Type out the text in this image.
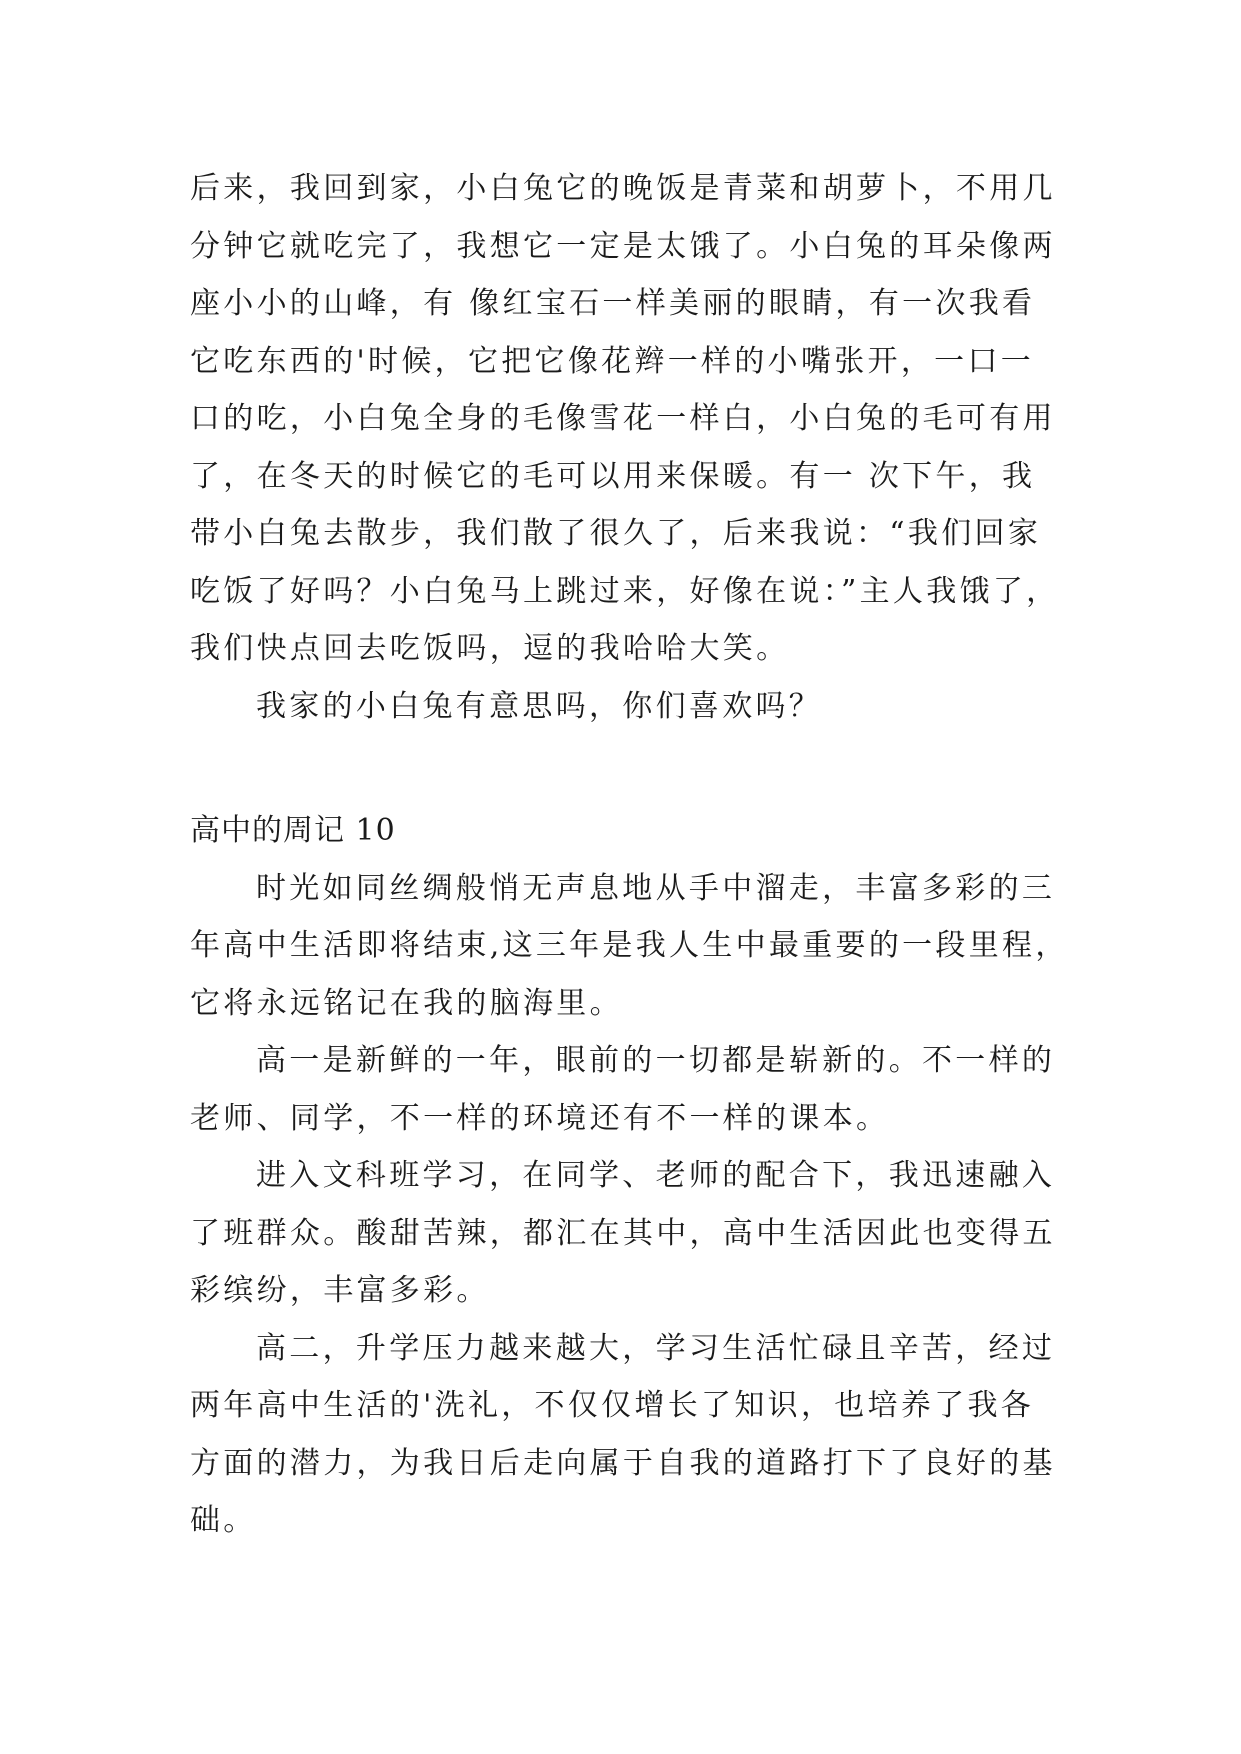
后来，我回到家，小白兔它的晚饭是青菜和胡萝卜，不用几
分钟它就吃完了，我想它一定是太饿了。小白兔的耳朵像两
座小小的山峰，有 像红宝石一样美丽的眼睛，有一次我看
它吃东西的'时候，它把它像花辫一样的小嘴张开，一口一
口的吃，小白兔全身的毛像雪花一样白，小白兔的毛可有用
了，在冬天的时候它的毛可以用来保暖。有一 次下午，我
带小白兔去散步，我们散了很久了，后来我说：“我们回家
吃饭了好吗？小白兔马上跳过来，好像在说：”主人我饿了，
我们快点回去吃饭吗，逗的我哈哈大笑。
我家的小白兔有意思吗，你们喜欢吗？
高中的周记 10
时光如同丝绸般悄无声息地从手中溜走，丰富多彩的三
年高中生活即将结束,这三年是我人生中最重要的一段里程，
它将永远铭记在我的脑海里。
高一是新鲜的一年，眼前的一切都是崭新的。不一样的
老师、同学，不一样的环境还有不一样的课本。
进入文科班学习，在同学、老师的配合下，我迅速融入
了班群众。酸甜苦辣，都汇在其中，高中生活因此也变得五
彩缤纷，丰富多彩。
高二，升学压力越来越大，学习生活忙碌且辛苦，经过
两年高中生活的'洗礼，不仅仅增长了知识，也培养了我各
方面的潜力，为我日后走向属于自我的道路打下了良好的基
础。
